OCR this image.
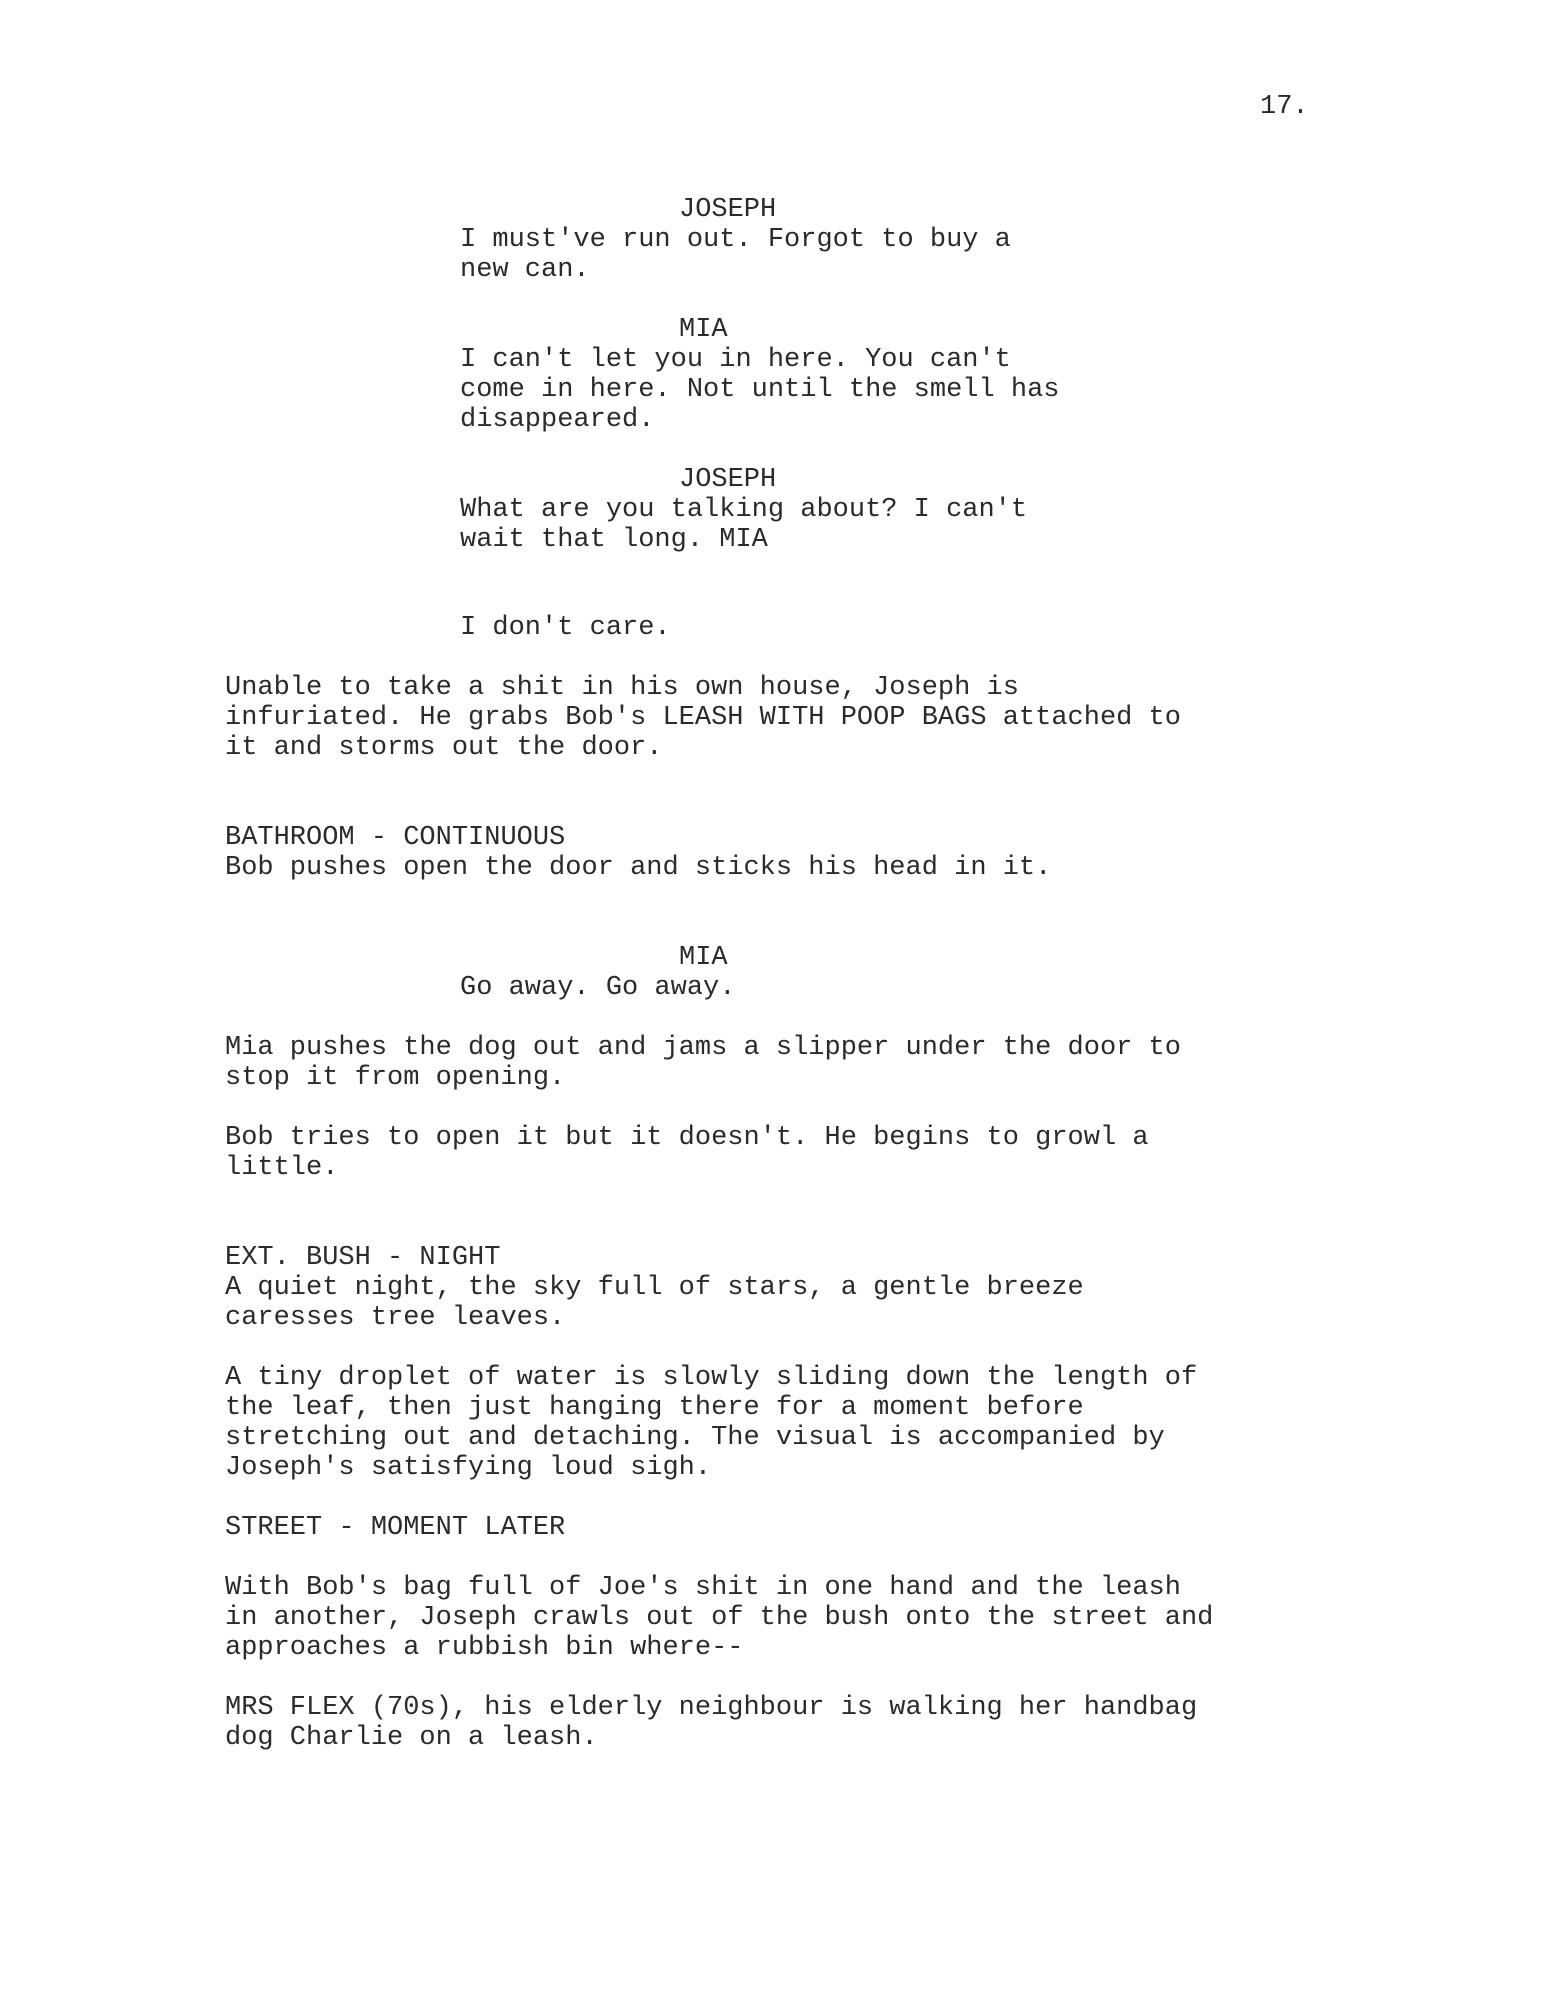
17.

JOSEPH

I must've run out. Forgot to buy a

new can.

MIA

I can't let you in here. You can't

come in here. Not until the smell has

disappeared.

JOSEPH

What are you talking about? I can't

wait that long. MIA

I don't care.

Unable to take a shit in his own house, Joseph is

infuriated. He grabs Bob's LEASH WITH POOP BAGS attached to

it and storms out the door.

BATHROOM - CONTINUOUS

Bob pushes open the door and sticks his head in it.

MIA

Go away. Go away.

Mia pushes the dog out and jams a slipper under the door to

stop it from opening.

Bob tries to open it but it doesn't. He begins to growl a

little.

EXT. BUSH - NIGHT

A quiet night, the sky full of stars, a gentle breeze

caresses tree leaves.

A tiny droplet of water is slowly sliding down the length of

the leaf, then just hanging there for a moment before

stretching out and detaching. The visual is accompanied by

Joseph's satisfying loud sigh.

STREET - MOMENT LATER

With Bob's bag full of Joe's shit in one hand and the leash

in another, Joseph crawls out of the bush onto the street and

approaches a rubbish bin where--

MRS FLEX (70s), his elderly neighbour is walking her handbag

dog Charlie on a leash.
